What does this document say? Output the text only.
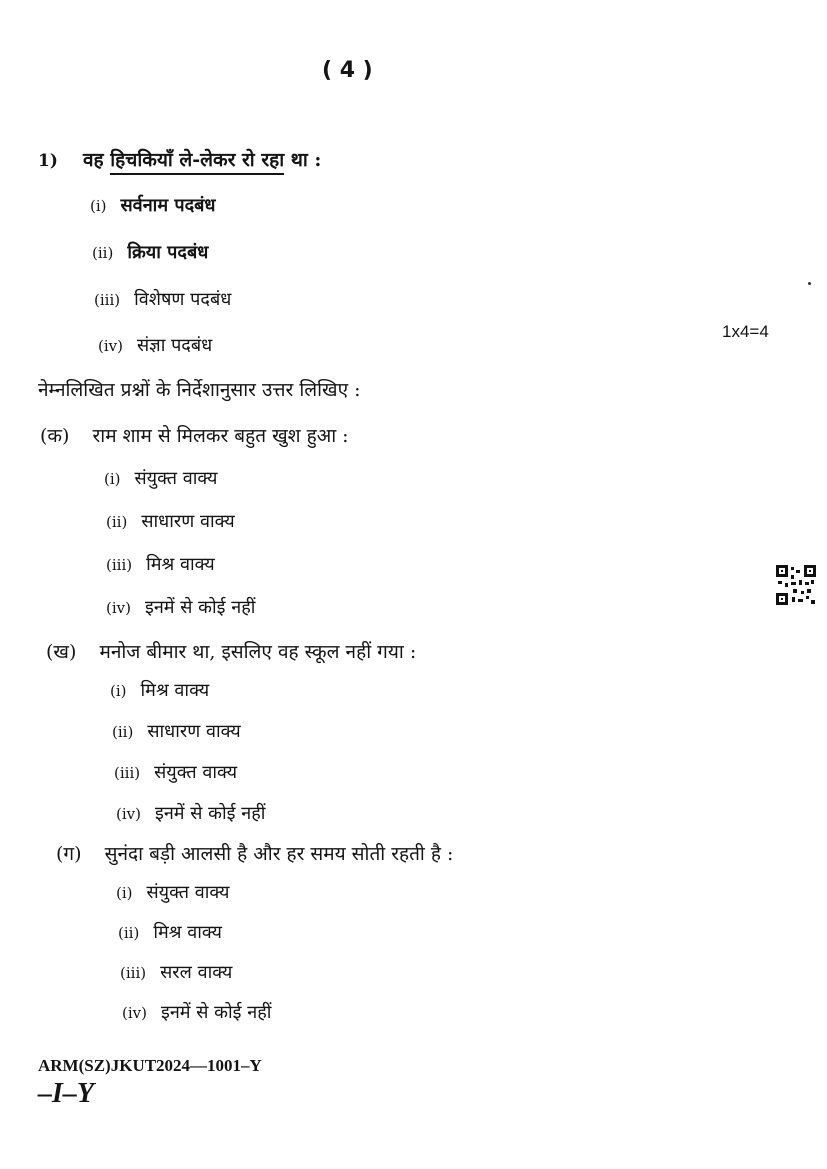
( 4 )
1) वह हिचकियाँ ले-लेकर रो रहा था :
(i) सर्वनाम पदबंध
(ii) क्रिया पदबंध
(iii) विशेषण पदबंध
(iv) संज्ञा पदबंध
1x4=4
नेम्नलिखित प्रश्नों के निर्देशानुसार उत्तर लिखिए :
(क) राम शाम से मिलकर बहुत खुश हुआ :
(i) संयुक्त वाक्य
(ii) साधारण वाक्य
(iii) मिश्र वाक्य
(iv) इनमें से कोई नहीं
(ख) मनोज बीमार था, इसलिए वह स्कूल नहीं गया :
(i) मिश्र वाक्य
(ii) साधारण वाक्य
(iii) संयुक्त वाक्य
(iv) इनमें से कोई नहीं
(ग) सुनंदा बड़ी आलसी है और हर समय सोती रहती है :
(i) संयुक्त वाक्य
(ii) मिश्र वाक्य
(iii) सरल वाक्य
(iv) इनमें से कोई नहीं
ARM(SZ)JKUT2024—1001–Y
–I–Y
